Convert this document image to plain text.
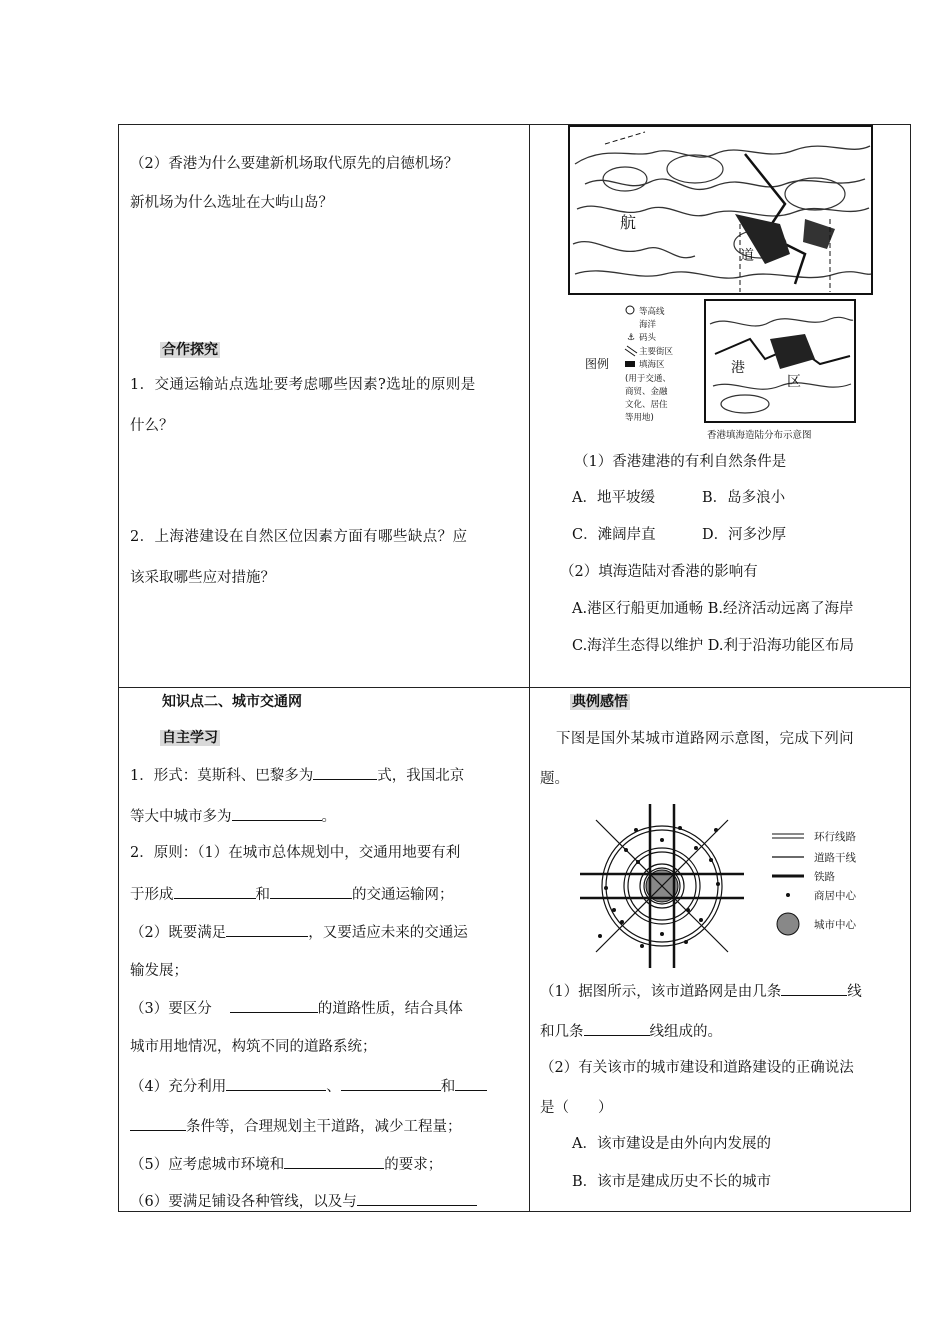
（2）香港为什么要建新机场取代原先的启德机场？
新机场为什么选址在大屿山岛？
合作探究
1．交通运输站点选址要考虑哪些因素?选址的原则是
什么？
2．上海港建设在自然区位因素方面有哪些缺点？应
该采取哪些应对措施？
航
道
港
区
图例
等高线
海洋
码头
⚓
主要街区
填海区
(用于交通、
商贸、金融
文化、居住
等用地)
香港填海造陆分布示意图
（1）香港建港的有利自然条件是
A．地平坡缓	B．岛多浪小
C．滩阔岸直	D．河多沙厚
（2）填海造陆对香港的影响有
A.港区行船更加通畅 B.经济活动远离了海岸
C.海洋生态得以维护 D.利于沿海功能区布局
知识点二、城市交通网
自主学习
1．形式：莫斯科、巴黎多为	式，我国北京
等大中城市多为	。
2．原则：（1）在城市总体规划中，交通用地要有利
于形成	和	的交通运输网；
（2）既要满足	，又要适应未来的交通运
输发展；
（3）要区分	的道路性质，结合具体
城市用地情况，构筑不同的道路系统；
（4）充分利用	、	和
条件等，合理规划主干道路，减少工程量；
（5）应考虑城市环境和	的要求；
（6）要满足铺设各种管线，以及与
典例感悟
下图是国外某城市道路网示意图，完成下列问
题。
环行线路
道路干线
铁路
商居中心
城市中心
（1）据图所示，该市道路网是由几条	线
和几条	线组成的。
（2）有关该市的城市建设和道路建设的正确说法
是（　　）
A．该市建设是由外向内发展的
B．该市是建成历史不长的城市
